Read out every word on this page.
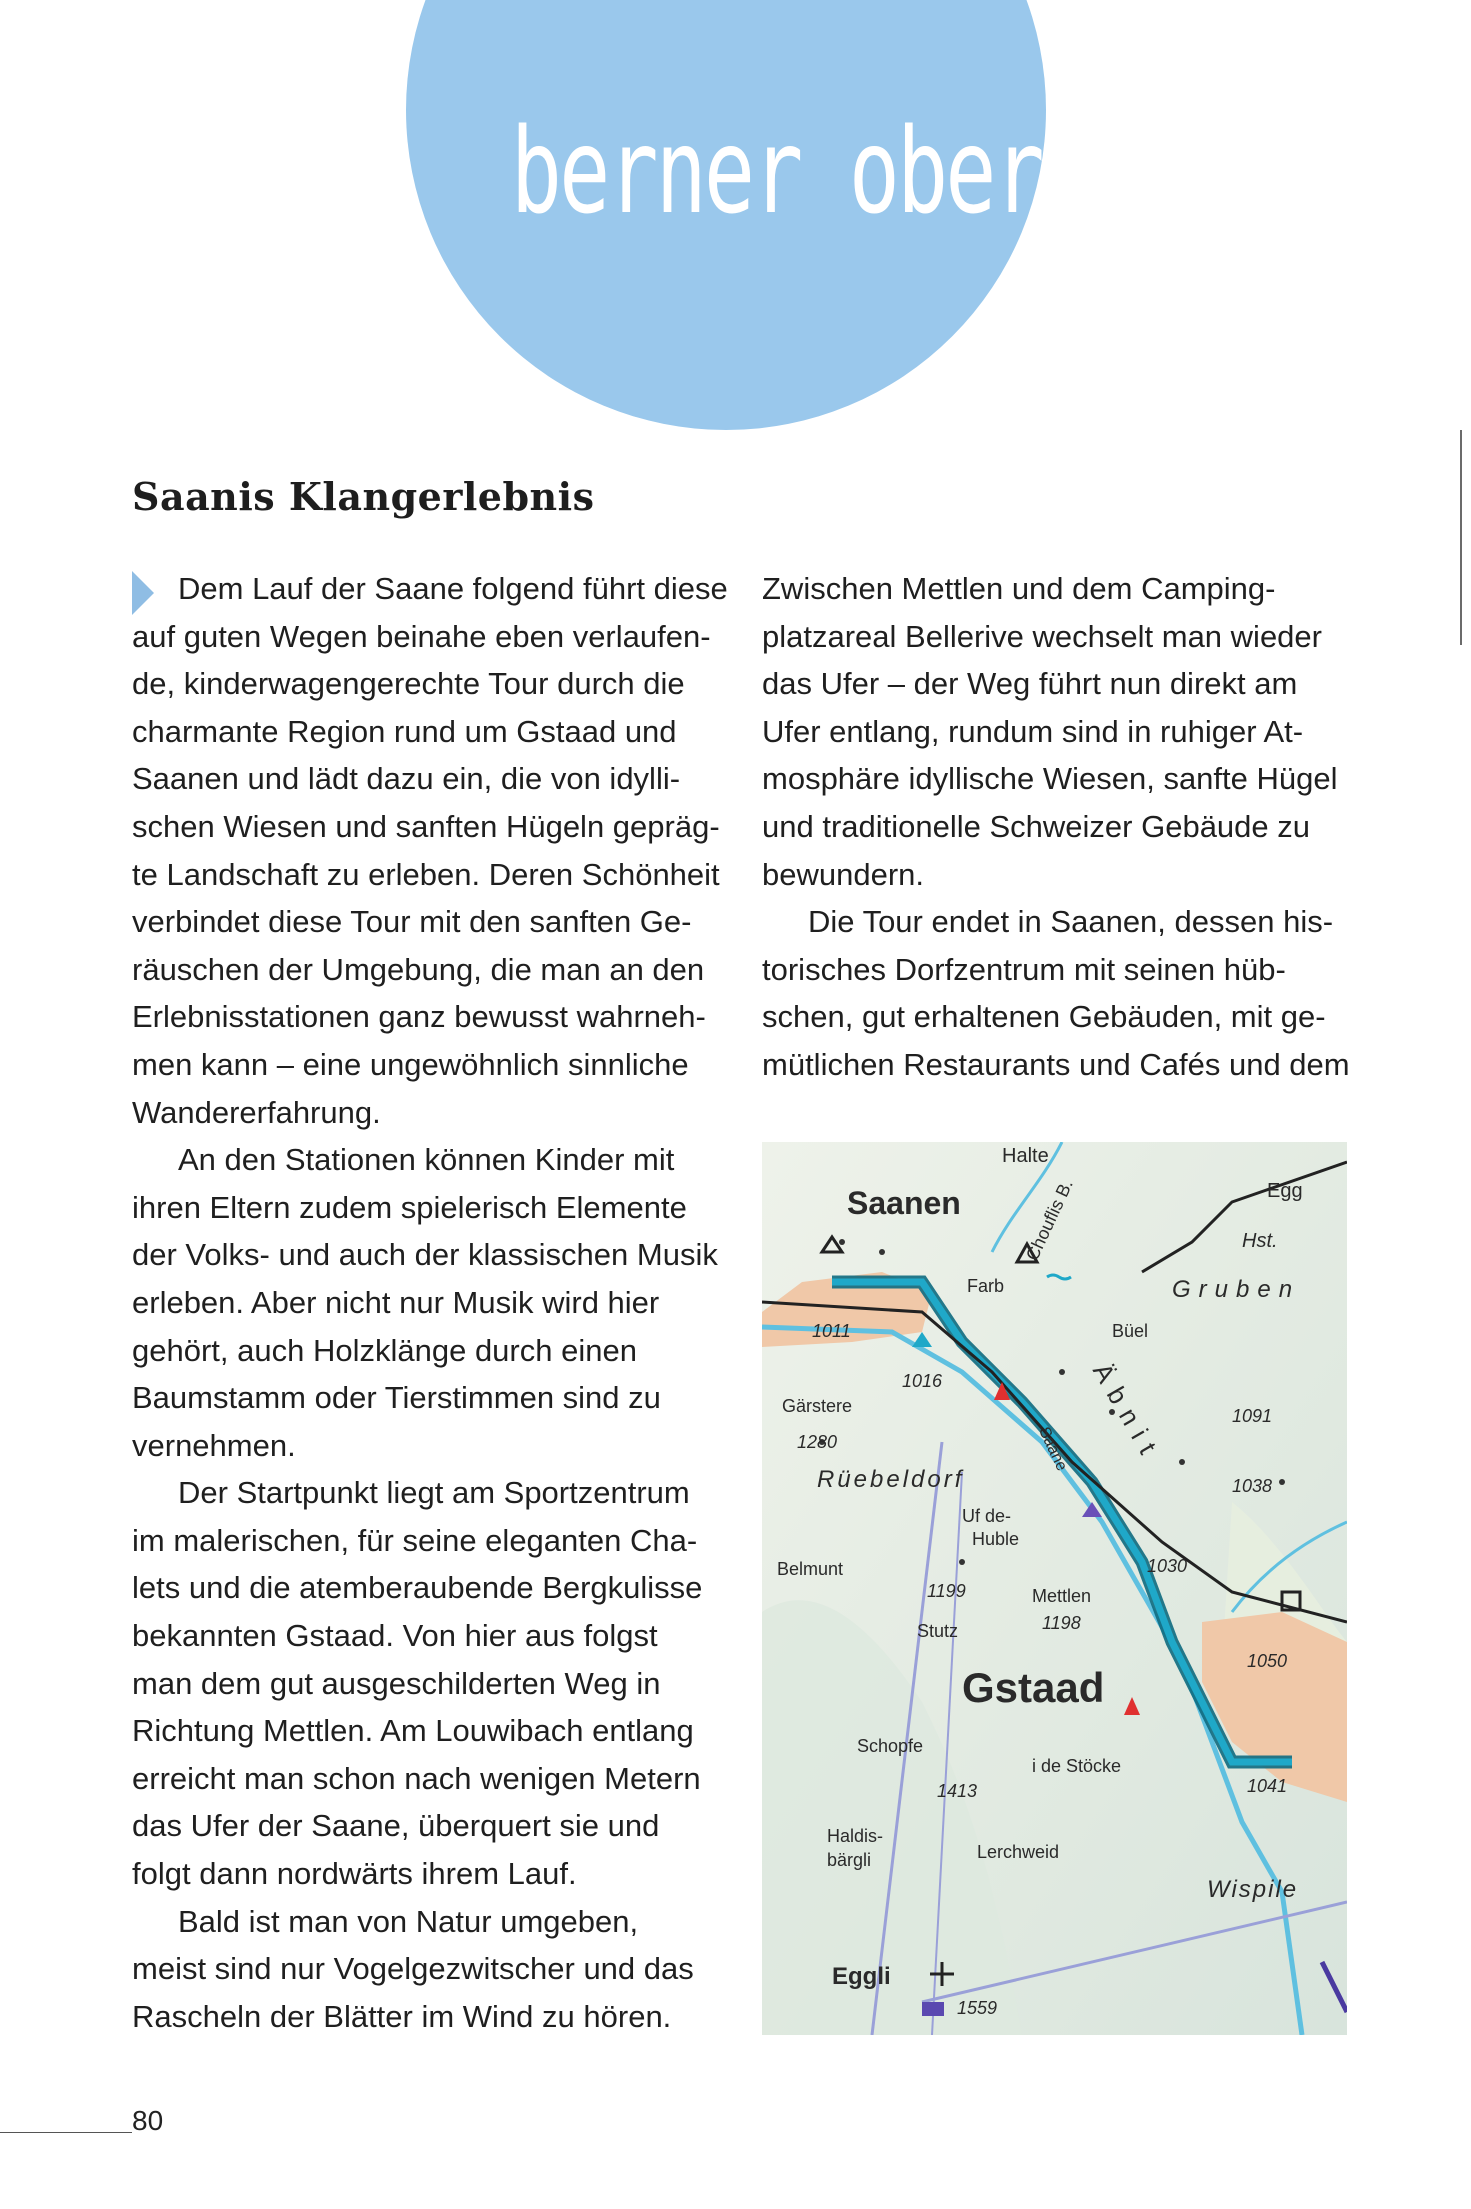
berner oberland
Saanis Klangerlebnis

Dem Lauf der Saane folgend führt diese

auf guten Wegen beinahe eben verlaufen-

de, kinderwagengerechte Tour durch die

charmante Region rund um Gstaad und

Saanen und lädt dazu ein, die von idylli-

schen Wiesen und sanften Hügeln gepräg-

te Landschaft zu erleben. Deren Schönheit

verbindet diese Tour mit den sanften Ge-

räuschen der Umgebung, die man an den

Erlebnisstationen ganz bewusst wahrneh-

men kann – eine ungewöhnlich sinnliche

Wandererfahrung.

An den Stationen können Kinder mit

ihren Eltern zudem spielerisch Elemente

der Volks- und auch der klassischen Musik

erleben. Aber nicht nur Musik wird hier

gehört, auch Holzklänge durch einen

Baumstamm oder Tierstimmen sind zu

vernehmen.

Der Startpunkt liegt am Sportzentrum

im malerischen, für seine eleganten Cha-

lets und die atemberaubende Bergkulisse

bekannten Gstaad. Von hier aus folgst

man dem gut ausgeschilderten Weg in

Richtung Mettlen. Am Louwibach entlang

erreicht man schon nach wenigen Metern

das Ufer der Saane, überquert sie und

folgt dann nordwärts ihrem Lauf.

Bald ist man von Natur umgeben,

meist sind nur Vogelgezwitscher und das

Rascheln der Blätter im Wind zu hören.

Zwischen Mettlen und dem Camping-

platzareal Bellerive wechselt man wieder

das Ufer – der Weg führt nun direkt am

Ufer entlang, rundum sind in ruhiger At-

mosphäre idyllische Wiesen, sanfte Hügel

und traditionelle Schweizer Gebäude zu

bewundern.

Die Tour endet in Saanen, dessen his-

torisches Dorfzentrum mit seinen hüb-

schen, gut erhaltenen Gebäuden, mit ge-

mütlichen Restaurants und Cafés und dem

Halte
Saanen	Chouflis B.	Egg
Hst.
Farb	Gruben
1011	Büel
1016
Gärstere	Äbnit
Saane
1091
1280
Rüebeldorf	1038
Uf de-
Huble
Belmunt	1030
1199	Mettlen
1198
Stutz
1050
Gstaad
Schopfe
i de Stöcke
1413	1041
Haldis-
bärgli	Lerchweid
Wispile
Eggli
1559
80
